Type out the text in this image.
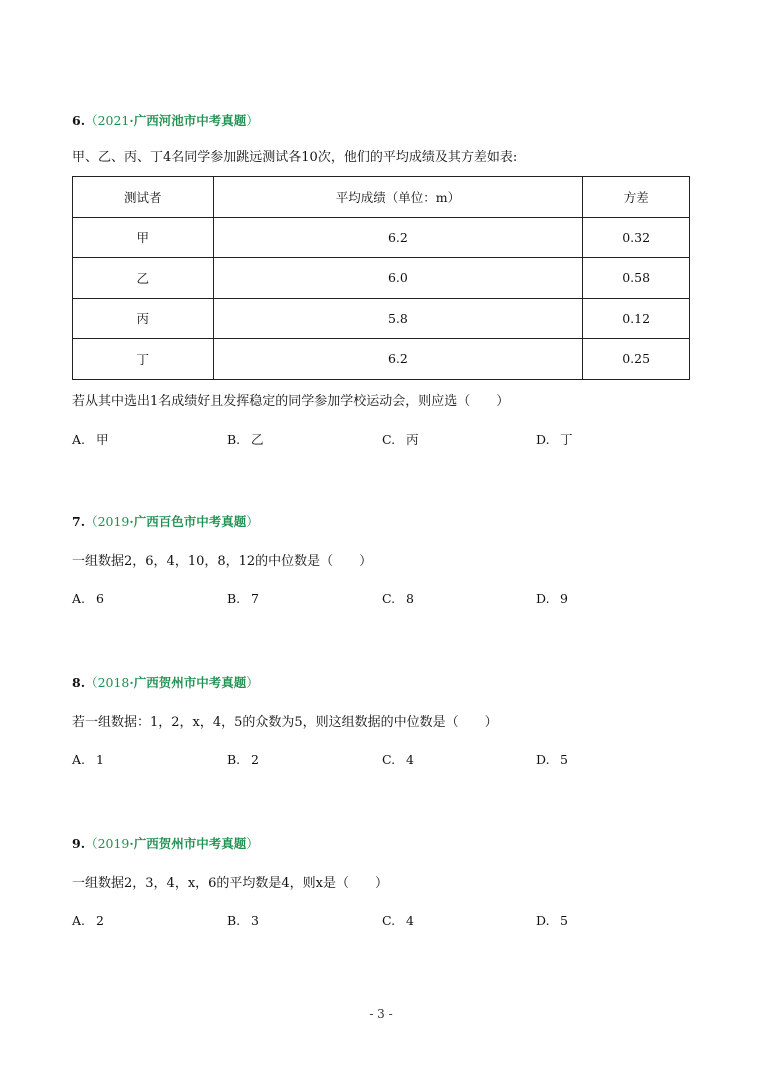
6.（2021·广西河池市中考真题）
甲、乙、丙、丁4名同学参加跳远测试各10次，他们的平均成绩及其方差如表:
测试者	平均成绩（单位：m）	方差
甲	6.2	0.32
乙	6.0	0.58
丙	5.8	0.12
丁	6.2	0.25
若从其中选出1名成绩好且发挥稳定的同学参加学校运动会，则应选（　　）
A. 甲	B. 乙	C. 丙	D. 丁
7.（2019·广西百色市中考真题）
一组数据2，6，4，10，8，12的中位数是（　　）
A. 6	B. 7	C. 8	D. 9
8.（2018·广西贺州市中考真题）
若一组数据：1，2，x，4，5的众数为5，则这组数据的中位数是（　　）
A. 1	B. 2	C. 4	D. 5
9.（2019·广西贺州市中考真题）
一组数据2，3，4，x，6的平均数是4，则x是（　　）
A. 2	B. 3	C. 4	D. 5
- 3 -
